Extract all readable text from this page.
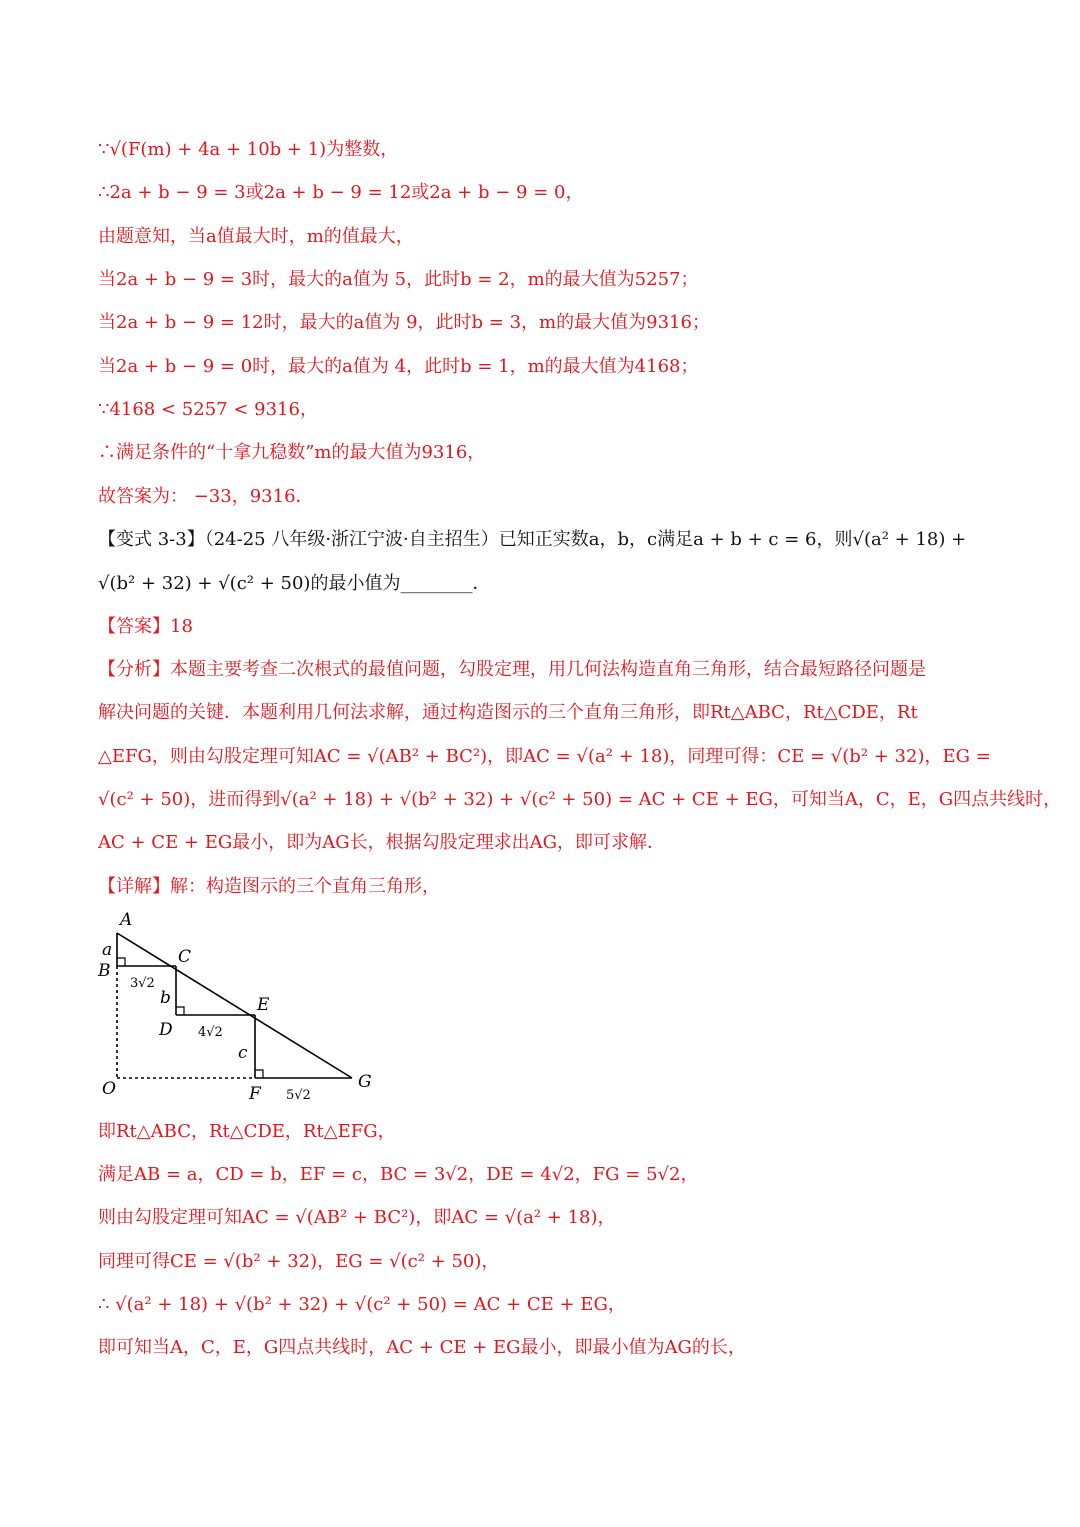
∵√(F(m) + 4a + 10b + 1)为整数，
∴2a + b − 9 = 3或2a + b − 9 = 12或2a + b − 9 = 0，
由题意知，当a值最大时，m的值最大，
当2a + b − 9 = 3时，最大的a值为 5，此时b = 2，m的最大值为5257；
当2a + b − 9 = 12时，最大的a值为 9，此时b = 3，m的最大值为9316；
当2a + b − 9 = 0时，最大的a值为 4，此时b = 1，m的最大值为4168；
∵4168 < 5257 < 9316，
∴满足条件的“十拿九稳数”m的最大值为9316，
故答案为： −33，9316．
【变式 3-3】（24-25 八年级·浙江宁波·自主招生）已知正实数a，b，c满足a + b + c = 6，则√(a² + 18) +
√(b² + 32) + √(c² + 50)的最小值为________．
【答案】18
【分析】本题主要考查二次根式的最值问题，勾股定理，用几何法构造直角三角形，结合最短路径问题是
解决问题的关键．本题利用几何法求解，通过构造图示的三个直角三角形，即Rt△ABC，Rt△CDE，Rt
△EFG，则由勾股定理可知AC = √(AB² + BC²)，即AC = √(a² + 18)，同理可得：CE = √(b² + 32)，EG =
√(c² + 50)，进而得到√(a² + 18) + √(b² + 32) + √(c² + 50) = AC + CE + EG，可知当A，C，E，G四点共线时，
AC + CE + EG最小，即为AG长，根据勾股定理求出AG，即可求解．
【详解】解：构造图示的三个直角三角形，
A
B
C
D
E
F
G
O
a
b
c
3√2
4√2
5√2
即Rt△ABC，Rt△CDE，Rt△EFG，
满足AB = a，CD = b，EF = c，BC = 3√2，DE = 4√2，FG = 5√2，
则由勾股定理可知AC = √(AB² + BC²)，即AC = √(a² + 18)，
同理可得CE = √(b² + 32)，EG = √(c² + 50)，
∴ √(a² + 18) + √(b² + 32) + √(c² + 50) = AC + CE + EG，
即可知当A，C，E，G四点共线时，AC + CE + EG最小，即最小值为AG的长，
